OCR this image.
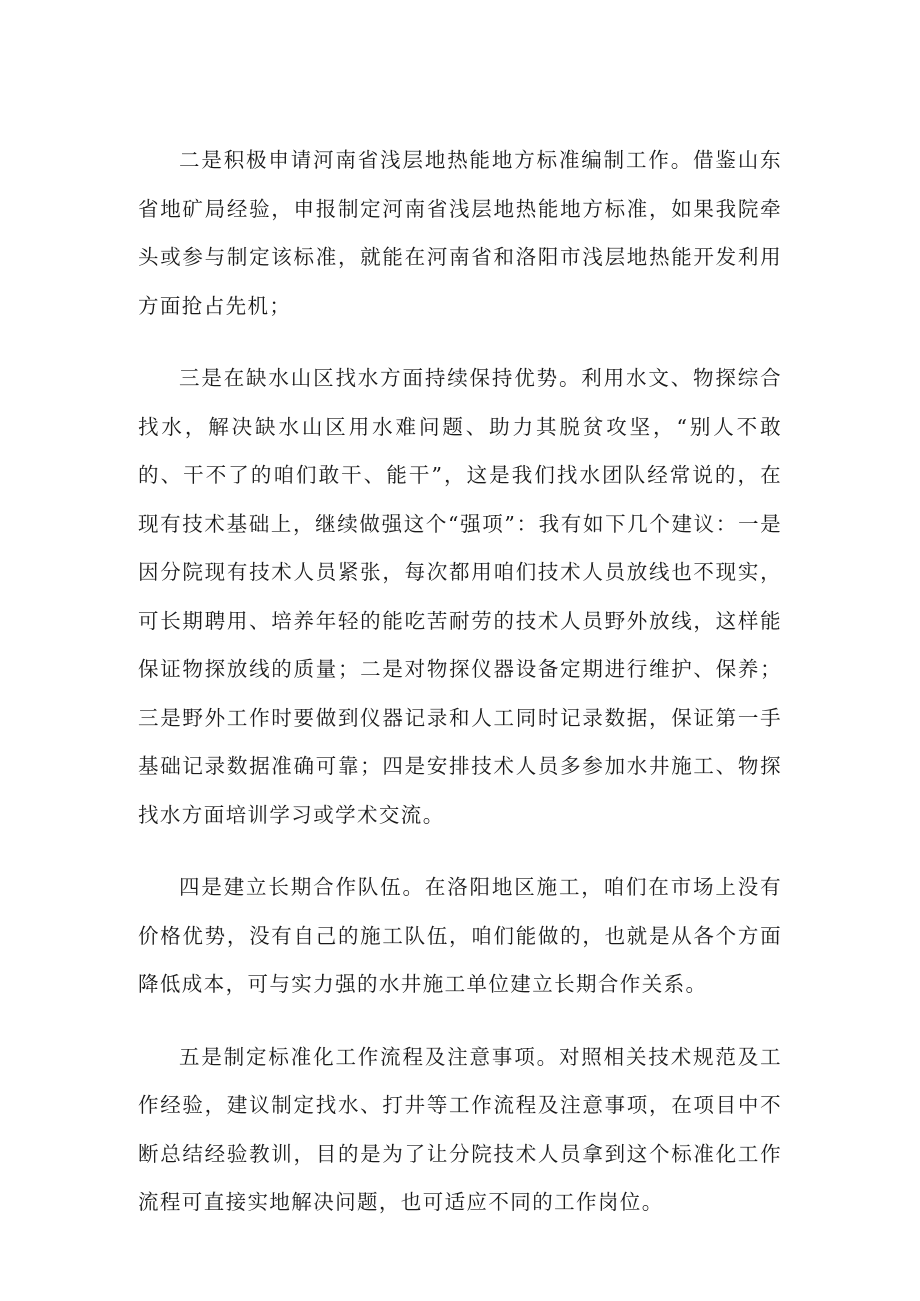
二是积极申请河南省浅层地热能地方标准编制工作。借鉴山东省地矿局经验，申报制定河南省浅层地热能地方标准，如果我院牵头或参与制定该标准，就能在河南省和洛阳市浅层地热能开发利用方面抢占先机；

三是在缺水山区找水方面持续保持优势。利用水文、物探综合找水，解决缺水山区用水难问题、助力其脱贫攻坚，“别人不敢的、干不了的咱们敢干、能干”，这是我们找水团队经常说的，在现有技术基础上，继续做强这个“强项”：我有如下几个建议：一是因分院现有技术人员紧张，每次都用咱们技术人员放线也不现实，可长期聘用、培养年轻的能吃苦耐劳的技术人员野外放线，这样能保证物探放线的质量；二是对物探仪器设备定期进行维护、保养；三是野外工作时要做到仪器记录和人工同时记录数据，保证第一手基础记录数据准确可靠；四是安排技术人员多参加水井施工、物探找水方面培训学习或学术交流。

四是建立长期合作队伍。在洛阳地区施工，咱们在市场上没有价格优势，没有自己的施工队伍，咱们能做的，也就是从各个方面降低成本，可与实力强的水井施工单位建立长期合作关系。

五是制定标准化工作流程及注意事项。对照相关技术规范及工作经验，建议制定找水、打井等工作流程及注意事项，在项目中不断总结经验教训，目的是为了让分院技术人员拿到这个标准化工作流程可直接实地解决问题，也可适应不同的工作岗位。
